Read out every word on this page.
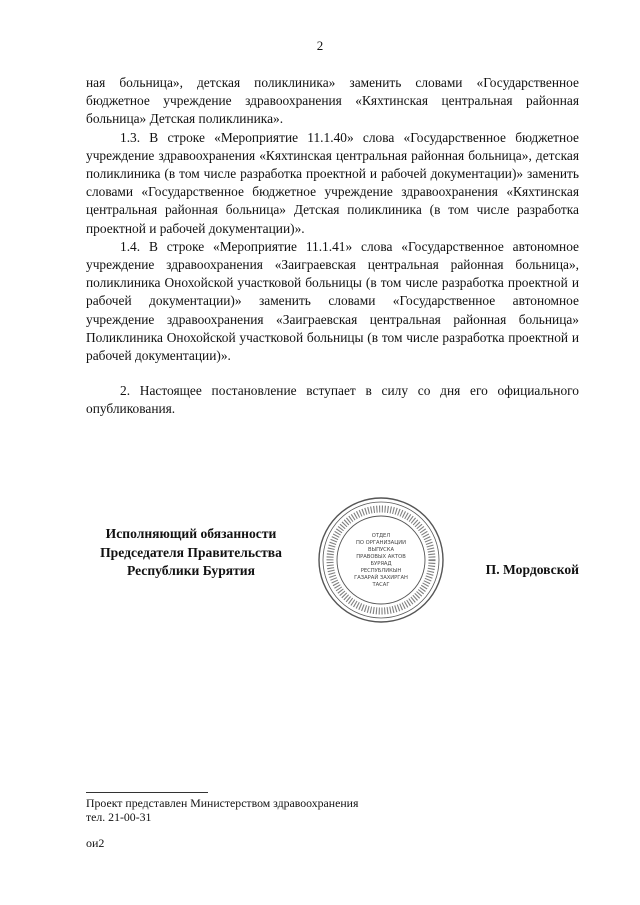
2

ная больница», детская поликлиника» заменить словами «Государственное бюджетное учреждение здравоохранения «Кяхтинская центральная районная больница» Детская поликлиника».

1.3. В строке «Мероприятие 11.1.40» слова «Государственное бюджетное учреждение здравоохранения «Кяхтинская центральная районная больница», детская поликлиника (в том числе разработка проектной и рабочей документации)» заменить словами «Государственное бюджетное учреждение здравоохранения «Кяхтинская центральная районная больница» Детская поликлиника (в том числе разработка проектной и рабочей документации)».

1.4. В строке «Мероприятие 11.1.41» слова «Государственное автономное учреждение здравоохранения «Заиграевская центральная районная больница», поликлиника Онохойской участковой больницы (в том числе разработка проектной и рабочей документации)» заменить словами «Государственное автономное учреждение здравоохранения «Заиграевская центральная районная больница» Поликлиника Онохойской участковой больницы (в том числе разработка проектной и рабочей документации)».

2. Настоящее постановление вступает в силу со дня его официального опубликования.

Исполняющий обязанности
Председателя Правительства
Республики Бурятия
ОТДЕЛ
ПО ОРГАНИЗАЦИИ
ВЫПУСКА
ПРАВОВЫХ АКТОВ
БУРЯАД
РЕСПУБЛИКЫН
ГАЗАРАЙ ЗАХИРГАН
ТАСАГ
П. Мордовской
Проект представлен Министерством здравоохранения
тел. 21-00-31
ои2
